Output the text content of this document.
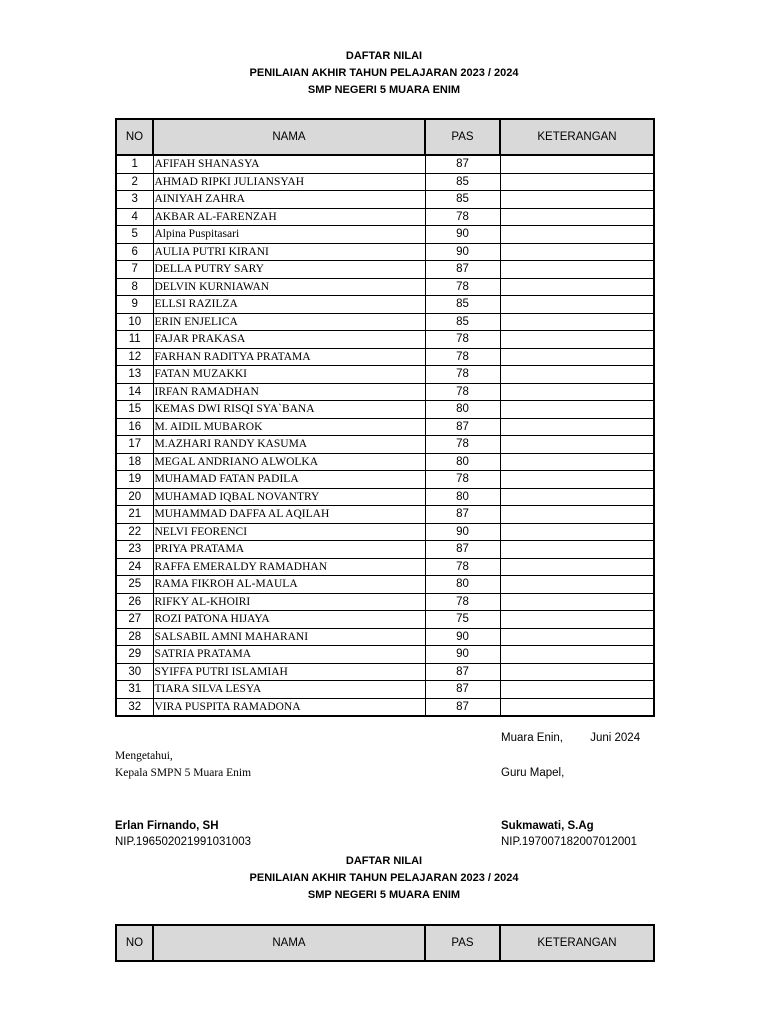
DAFTAR NILAI
PENILAIAN AKHIR TAHUN PELAJARAN 2023 / 2024
SMP NEGERI 5 MUARA ENIM
NO	NAMA	PAS	KETERANGAN
1	AFIFAH SHANASYA	87	
2	AHMAD RIPKI JULIANSYAH	85	
3	AINIYAH ZAHRA	85	
4	AKBAR AL-FARENZAH	78	
5	Alpina Puspitasari	90	
6	AULIA PUTRI KIRANI	90	
7	DELLA PUTRY SARY	87	
8	DELVIN KURNIAWAN	78	
9	ELLSI RAZILZA	85	
10	ERIN ENJELICA	85	
11	FAJAR PRAKASA	78	
12	FARHAN RADITYA PRATAMA	78	
13	FATAN MUZAKKI	78	
14	IRFAN RAMADHAN	78	
15	KEMAS DWI RISQI SYA`BANA	80	
16	M. AIDIL MUBAROK	87	
17	M.AZHARI RANDY KASUMA	78	
18	MEGAL ANDRIANO ALWOLKA	80	
19	MUHAMAD FATAN PADILA	78	
20	MUHAMAD IQBAL NOVANTRY	80	
21	MUHAMMAD DAFFA AL AQILAH	87	
22	NELVI FEORENCI	90	
23	PRIYA PRATAMA	87	
24	RAFFA EMERALDY RAMADHAN	78	
25	RAMA FIKROH AL-MAULA	80	
26	RIFKY AL-KHOIRI	78	
27	ROZI PATONA HIJAYA	75	
28	SALSABIL AMNI MAHARANI	90	
29	SATRIA PRATAMA	90	
30	SYIFFA PUTRI ISLAMIAH	87	
31	TIARA SILVA LESYA	87	
32	VIRA PUSPITA RAMADONA	87	
Muara Enin, Juni 2024
Mengetahui,
Kepala SMPN 5 Muara Enim	Guru Mapel,
Erlan Firnando, SH
NIP.196502021991031003
Sukmawati, S.Ag
NIP.197007182007012001
DAFTAR NILAI
PENILAIAN AKHIR TAHUN PELAJARAN 2023 / 2024
SMP NEGERI 5 MUARA ENIM
NO	NAMA	PAS	KETERANGAN
